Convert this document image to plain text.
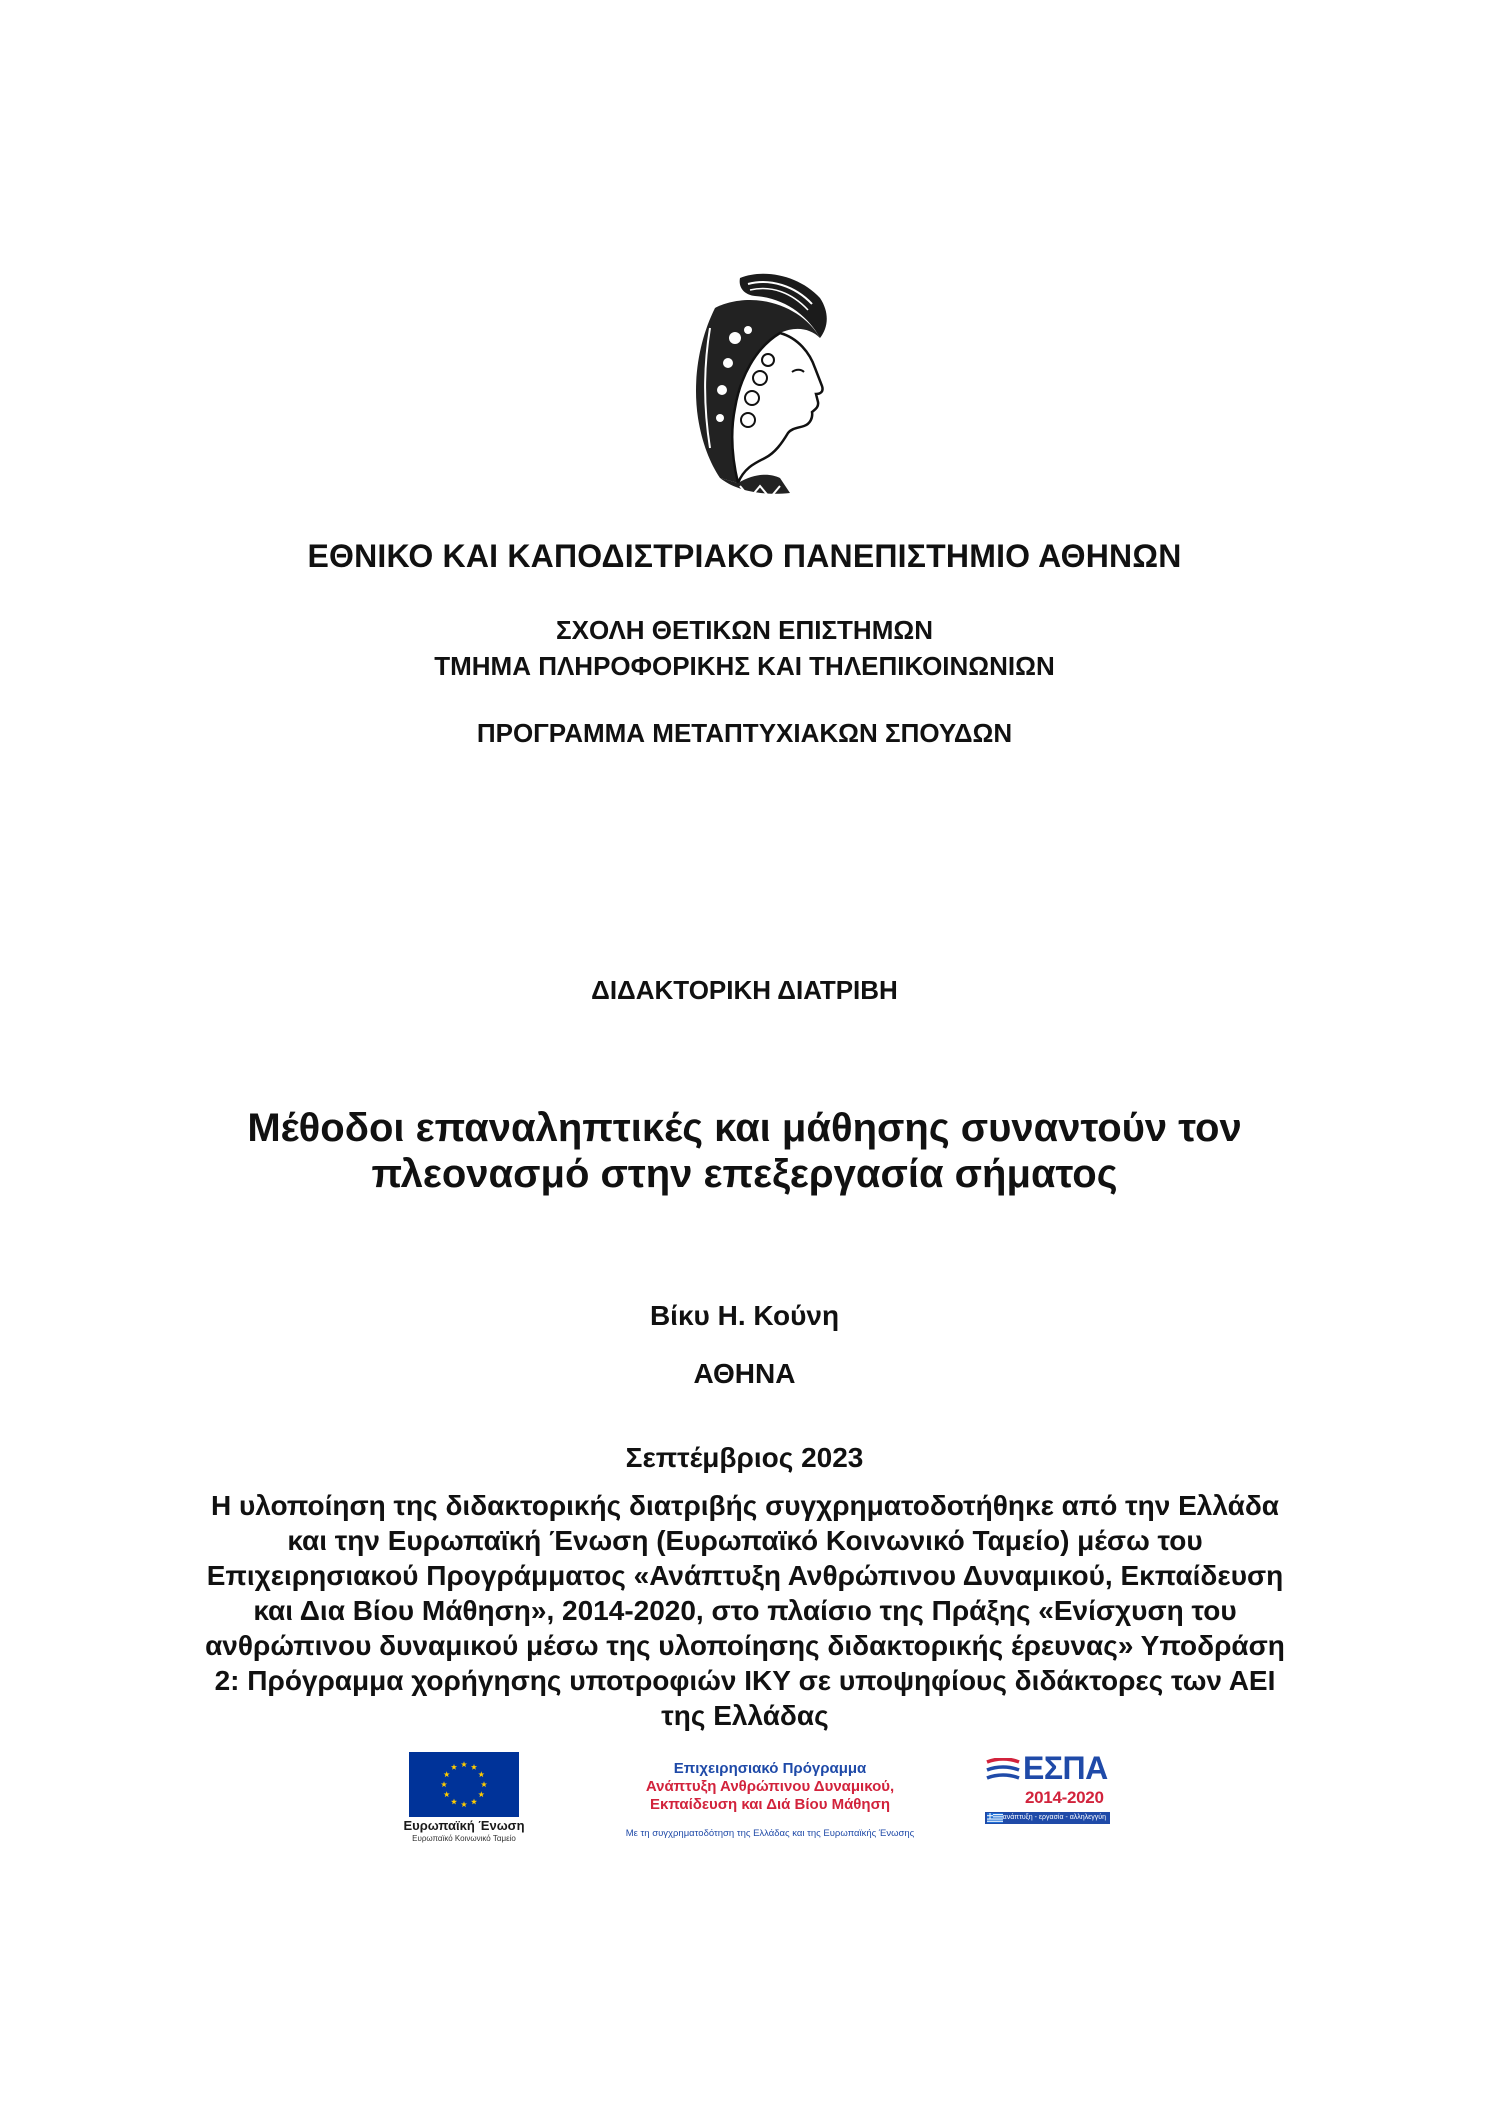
ΕΘΝΙΚΟ ΚΑΙ ΚΑΠΟΔΙΣΤΡΙΑΚΟ ΠΑΝΕΠΙΣΤΗΜΙΟ ΑΘΗΝΩΝ
ΣΧΟΛΗ ΘΕΤΙΚΩΝ ΕΠΙΣΤΗΜΩΝ
ΤΜΗΜΑ ΠΛΗΡΟΦΟΡΙΚΗΣ ΚΑΙ ΤΗΛΕΠΙΚΟΙΝΩΝΙΩΝ
ΠΡΟΓΡΑΜΜΑ ΜΕΤΑΠΤΥΧΙΑΚΩΝ ΣΠΟΥΔΩΝ
ΔΙΔΑΚΤΟΡΙΚΗ ΔΙΑΤΡΙΒΗ
Μέθοδοι επαναληπτικές και μάθησης συναντούν τον
πλεονασμό στην επεξεργασία σήματος
Βίκυ Η. Κούνη
ΑΘΗΝΑ
Σεπτέμβριος 2023
Η υλοποίηση της διδακτορικής διατριβής συγχρηματοδοτήθηκε από την Ελλάδα
και την Ευρωπαϊκή Ένωση (Ευρωπαϊκό Κοινωνικό Ταμείο) μέσω του
Επιχειρησιακού Προγράμματος «Ανάπτυξη Ανθρώπινου Δυναμικού, Εκπαίδευση
και Δια Βίου Μάθηση», 2014-2020, στο πλαίσιο της Πράξης «Ενίσχυση του
ανθρώπινου δυναμικού μέσω της υλοποίησης διδακτορικής έρευνας» Υποδράση
2: Πρόγραμμα χορήγησης υποτροφιών ΙΚΥ σε υποψηφίους διδάκτορες των ΑΕΙ
της Ελλάδας
Ευρωπαϊκή Ένωση
Ευρωπαϊκό Κοινωνικό Ταμείο
Επιχειρησιακό Πρόγραμμα
Ανάπτυξη Ανθρώπινου Δυναμικού,
Εκπαίδευση και Διά Βίου Μάθηση
Με τη συγχρηματοδότηση της Ελλάδας και της Ευρωπαϊκής Ένωσης
ΕΣΠΑ
2014-2020
ανάπτυξη - εργασία - αλληλεγγύη
